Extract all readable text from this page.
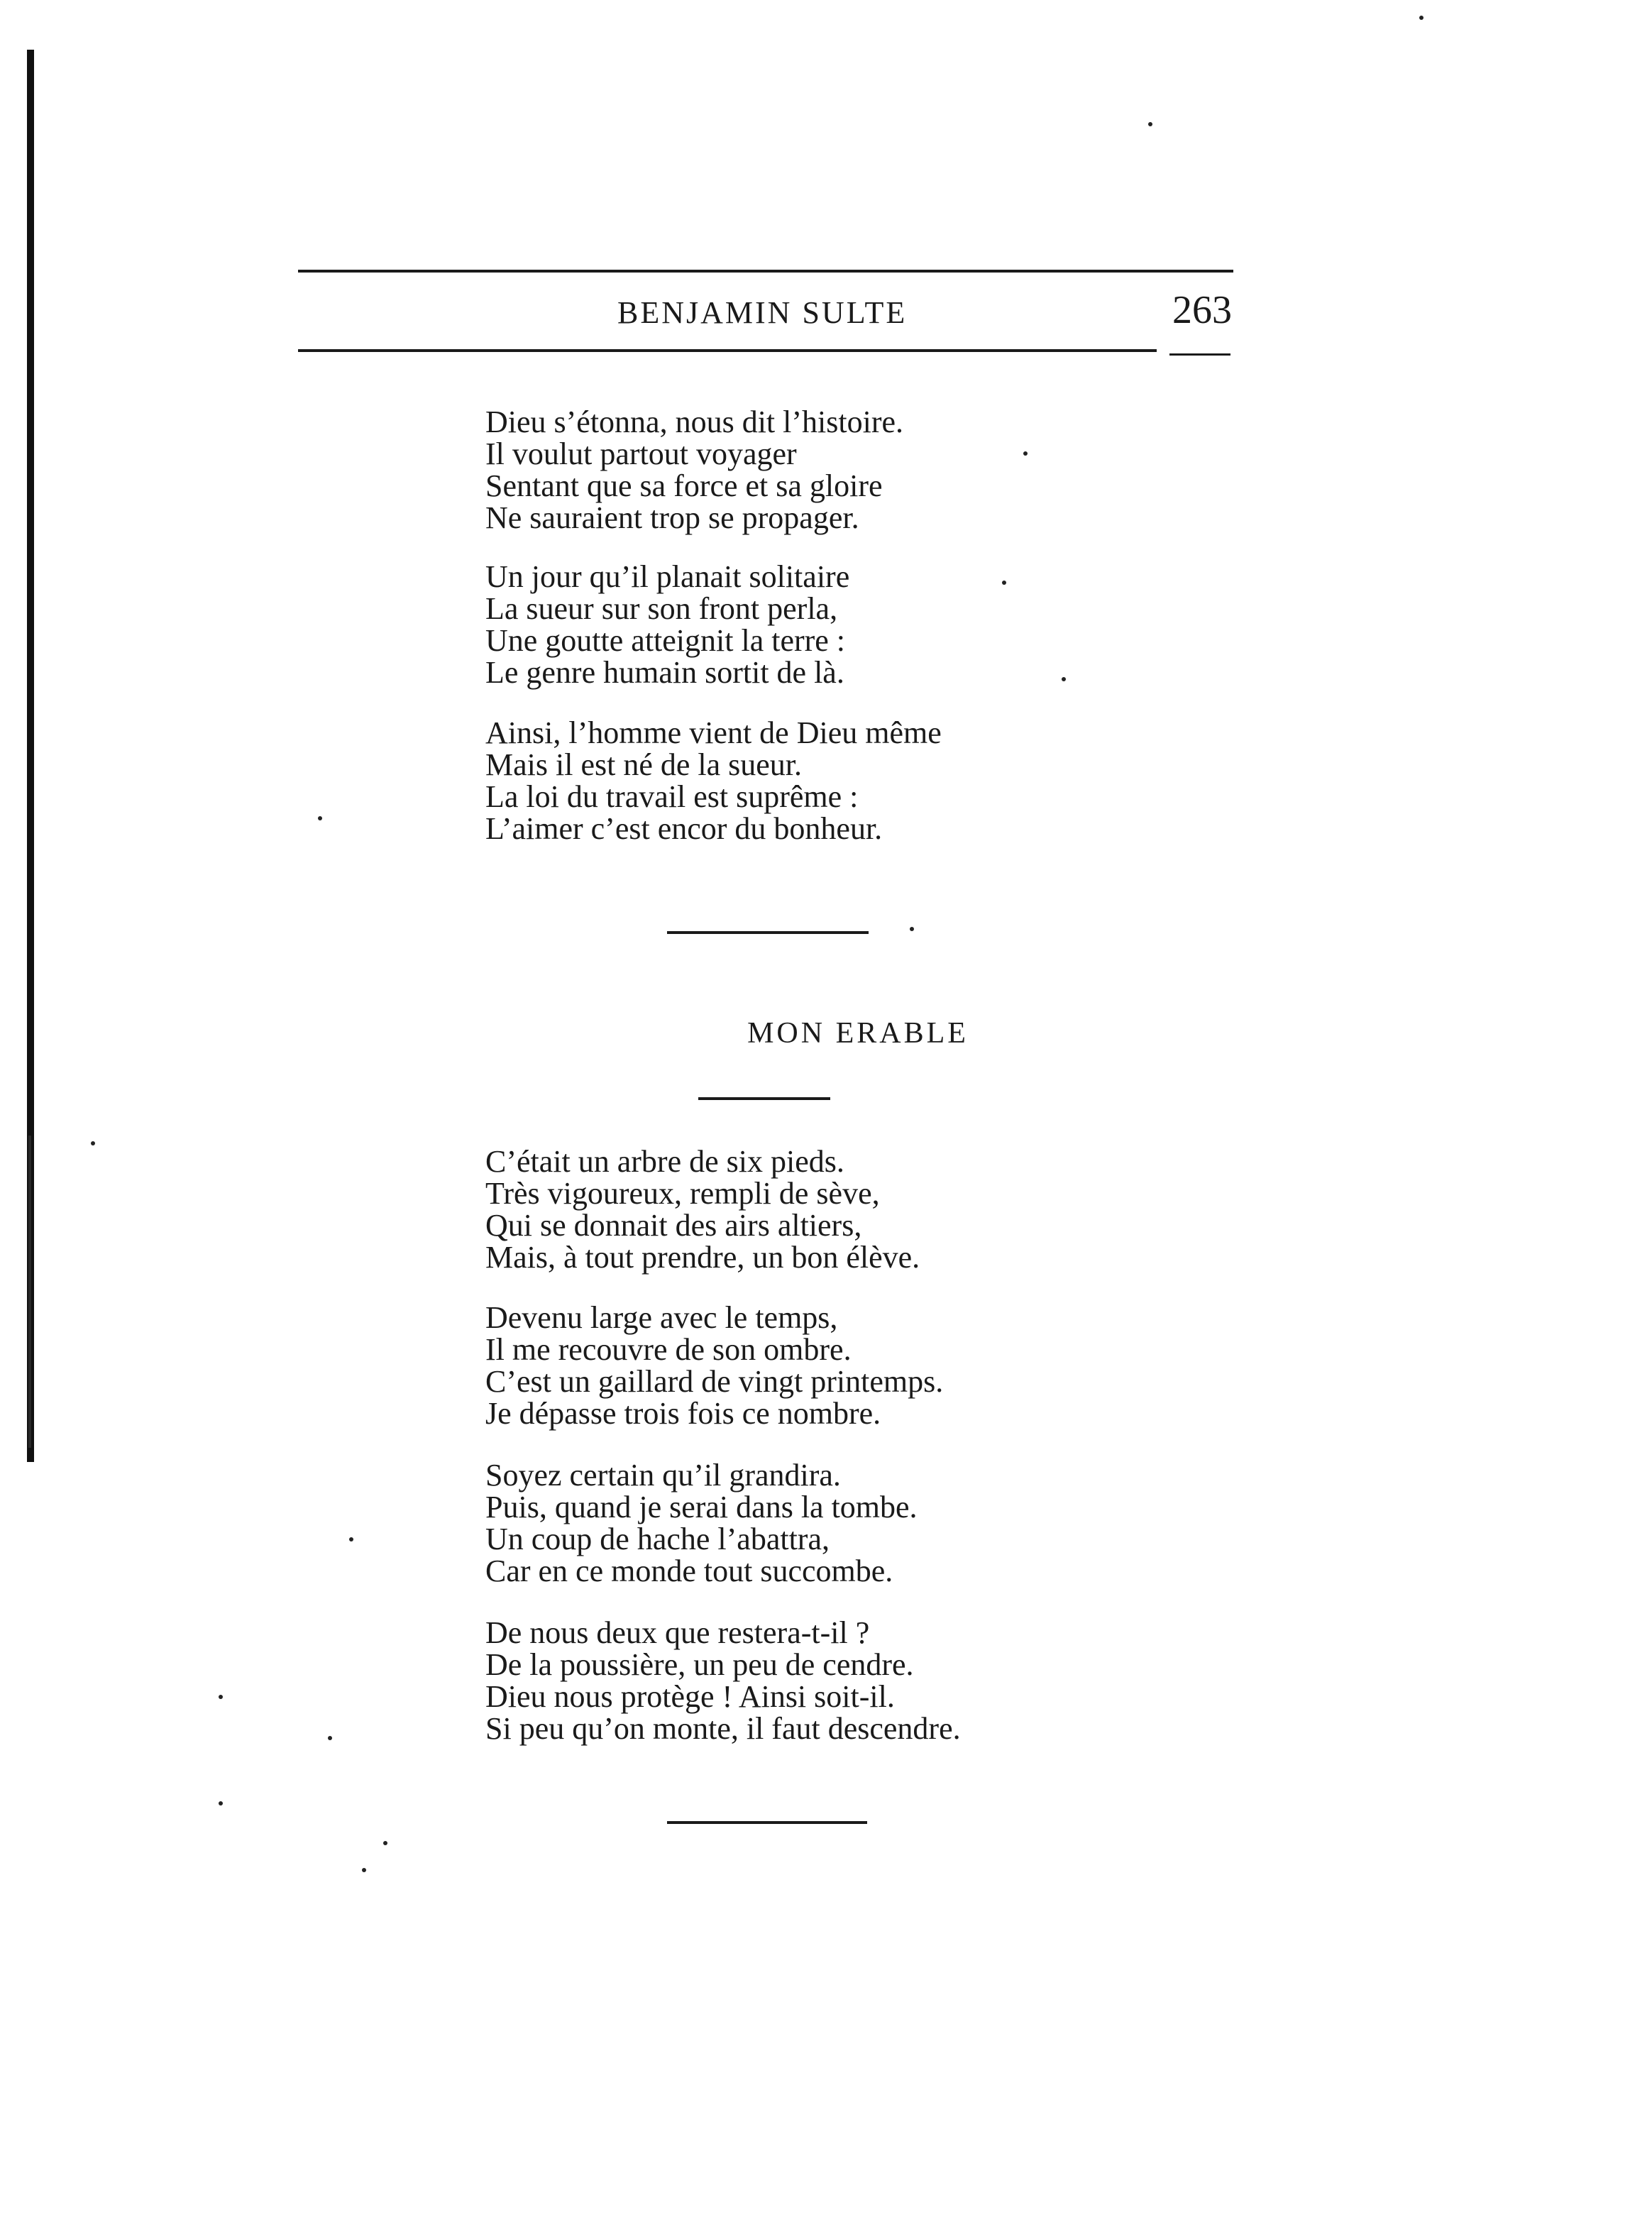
BENJAMIN SULTE	263
Dieu s’étonna, nous dit l’histoire.
Il voulut partout voyager
Sentant que sa force et sa gloire
Ne sauraient trop se propager.
Un jour qu’il planait solitaire
La sueur sur son front perla,
Une goutte atteignit la terre :
Le genre humain sortit de là.
Ainsi, l’homme vient de Dieu même
Mais il est né de la sueur.
La loi du travail est suprême :
L’aimer c’est encor du bonheur.
MON ERABLE
C’était un arbre de six pieds.
Très vigoureux, rempli de sève,
Qui se donnait des airs altiers,
Mais, à tout prendre, un bon élève.
Devenu large avec le temps,
Il me recouvre de son ombre.
C’est un gaillard de vingt printemps.
Je dépasse trois fois ce nombre.
Soyez certain qu’il grandira.
Puis, quand je serai dans la tombe.
Un coup de hache l’abattra,
Car en ce monde tout succombe.
De nous deux que restera-t-il ?
De la poussière, un peu de cendre.
Dieu nous protège ! Ainsi soit-il.
Si peu qu’on monte, il faut descendre.
